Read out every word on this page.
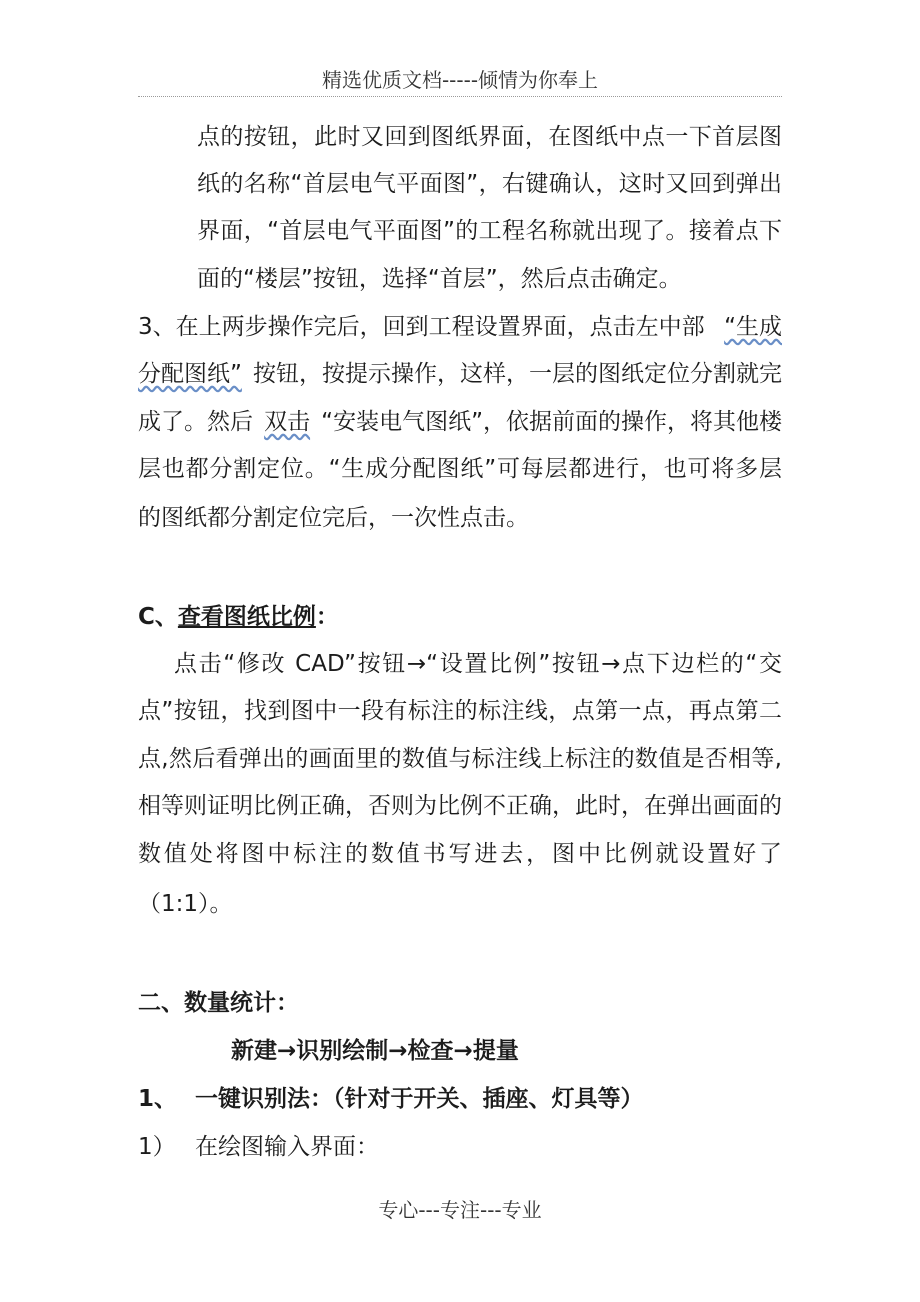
精选优质文档-----倾情为你奉上
点的按钮，此时又回到图纸界面，在图纸中点一下首层图
纸的名称“首层电气平面图”，右键确认，这时又回到弹出
界面，“首层电气平面图”的工程名称就出现了。接着点下
面的“楼层”按钮，选择“首层”，然后点击确定。
3、在上两步操作完后，回到工程设置界面，点击左中部 “生成
分配图纸” 按钮，按提示操作，这样，一层的图纸定位分割就完
成了。然后 双击 “安装电气图纸”，依据前面的操作，将其他楼
层也都分割定位。“生成分配图纸”可每层都进行，也可将多层
的图纸都分割定位完后，一次性点击。
C、查看图纸比例：
点击“修改 CAD”按钮→“设置比例”按钮→点下边栏的“交
点”按钮，找到图中一段有标注的标注线，点第一点，再点第二
点,然后看弹出的画面里的数值与标注线上标注的数值是否相等,
相等则证明比例正确，否则为比例不正确，此时，在弹出画面的
数值处将图中标注的数值书写进去，图中比例就设置好了
（1:1）。
二、数量统计：
新建→识别绘制→检查→提量
1、 一键识别法：（针对于开关、插座、灯具等）
1） 在绘图输入界面：
专心---专注---专业
